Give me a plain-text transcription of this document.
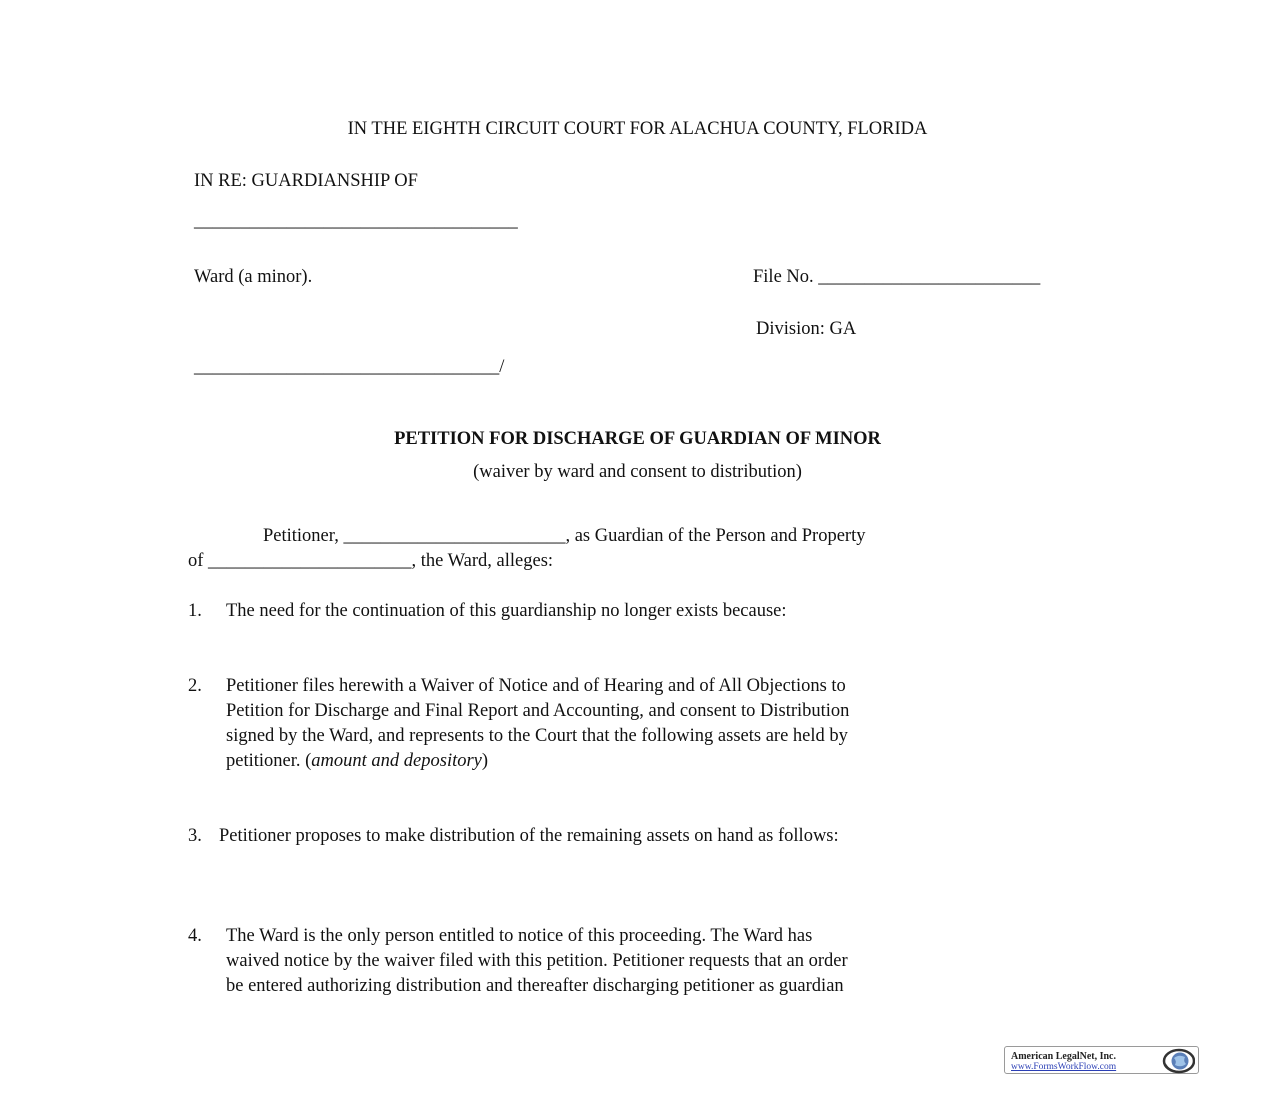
IN THE EIGHTH CIRCUIT COURT FOR ALACHUA COUNTY, FLORIDA
IN RE: GUARDIANSHIP OF
___________________________________
Ward (a minor).	File No. ________________________
Division: GA
_________________________________/
PETITION FOR DISCHARGE OF GUARDIAN OF MINOR
(waiver by ward and consent to distribution)
Petitioner, ________________________, as Guardian of the Person and Property
of ______________________, the Ward, alleges:
1. The need for the continuation of this guardianship no longer exists because:
2. Petitioner files herewith a Waiver of Notice and of Hearing and of All Objections to
Petition for Discharge and Final Report and Accounting, and consent to Distribution
signed by the Ward, and represents to the Court that the following assets are held by
petitioner. (amount and depository)
3. Petitioner proposes to make distribution of the remaining assets on hand as follows:
4. The Ward is the only person entitled to notice of this proceeding. The Ward has
waived notice by the waiver filed with this petition. Petitioner requests that an order
be entered authorizing distribution and thereafter discharging petitioner as guardian
American LegalNet, Inc.
www.FormsWorkFlow.com
